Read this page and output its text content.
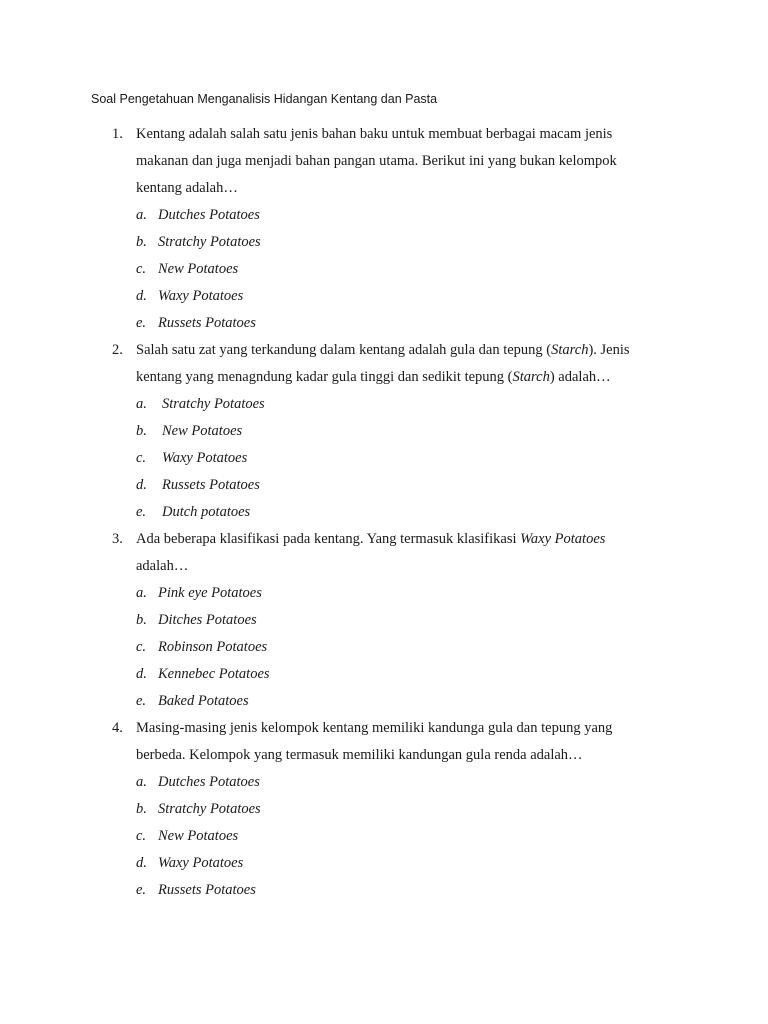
Soal Pengetahuan Menganalisis Hidangan Kentang dan Pasta
1. Kentang adalah salah satu jenis bahan baku untuk membuat berbagai macam jenis makanan dan juga menjadi bahan pangan utama. Berikut ini yang bukan kelompok kentang adalah…
a. Dutches Potatoes
b. Stratchy Potatoes
c. New Potatoes
d. Waxy Potatoes
e. Russets Potatoes
2. Salah satu zat yang terkandung dalam kentang adalah gula dan tepung (Starch). Jenis kentang yang menagndung kadar gula tinggi dan sedikit tepung (Starch) adalah…
a. Stratchy Potatoes
b. New Potatoes
c. Waxy Potatoes
d. Russets Potatoes
e. Dutch potatoes
3. Ada beberapa klasifikasi pada kentang. Yang termasuk klasifikasi Waxy Potatoes adalah…
a. Pink eye Potatoes
b. Ditches Potatoes
c. Robinson Potatoes
d. Kennebec Potatoes
e. Baked Potatoes
4. Masing-masing jenis kelompok kentang memiliki kandunga gula dan tepung yang berbeda. Kelompok yang termasuk memiliki kandungan gula renda adalah…
a. Dutches Potatoes
b. Stratchy Potatoes
c. New Potatoes
d. Waxy Potatoes
e. Russets Potatoes
